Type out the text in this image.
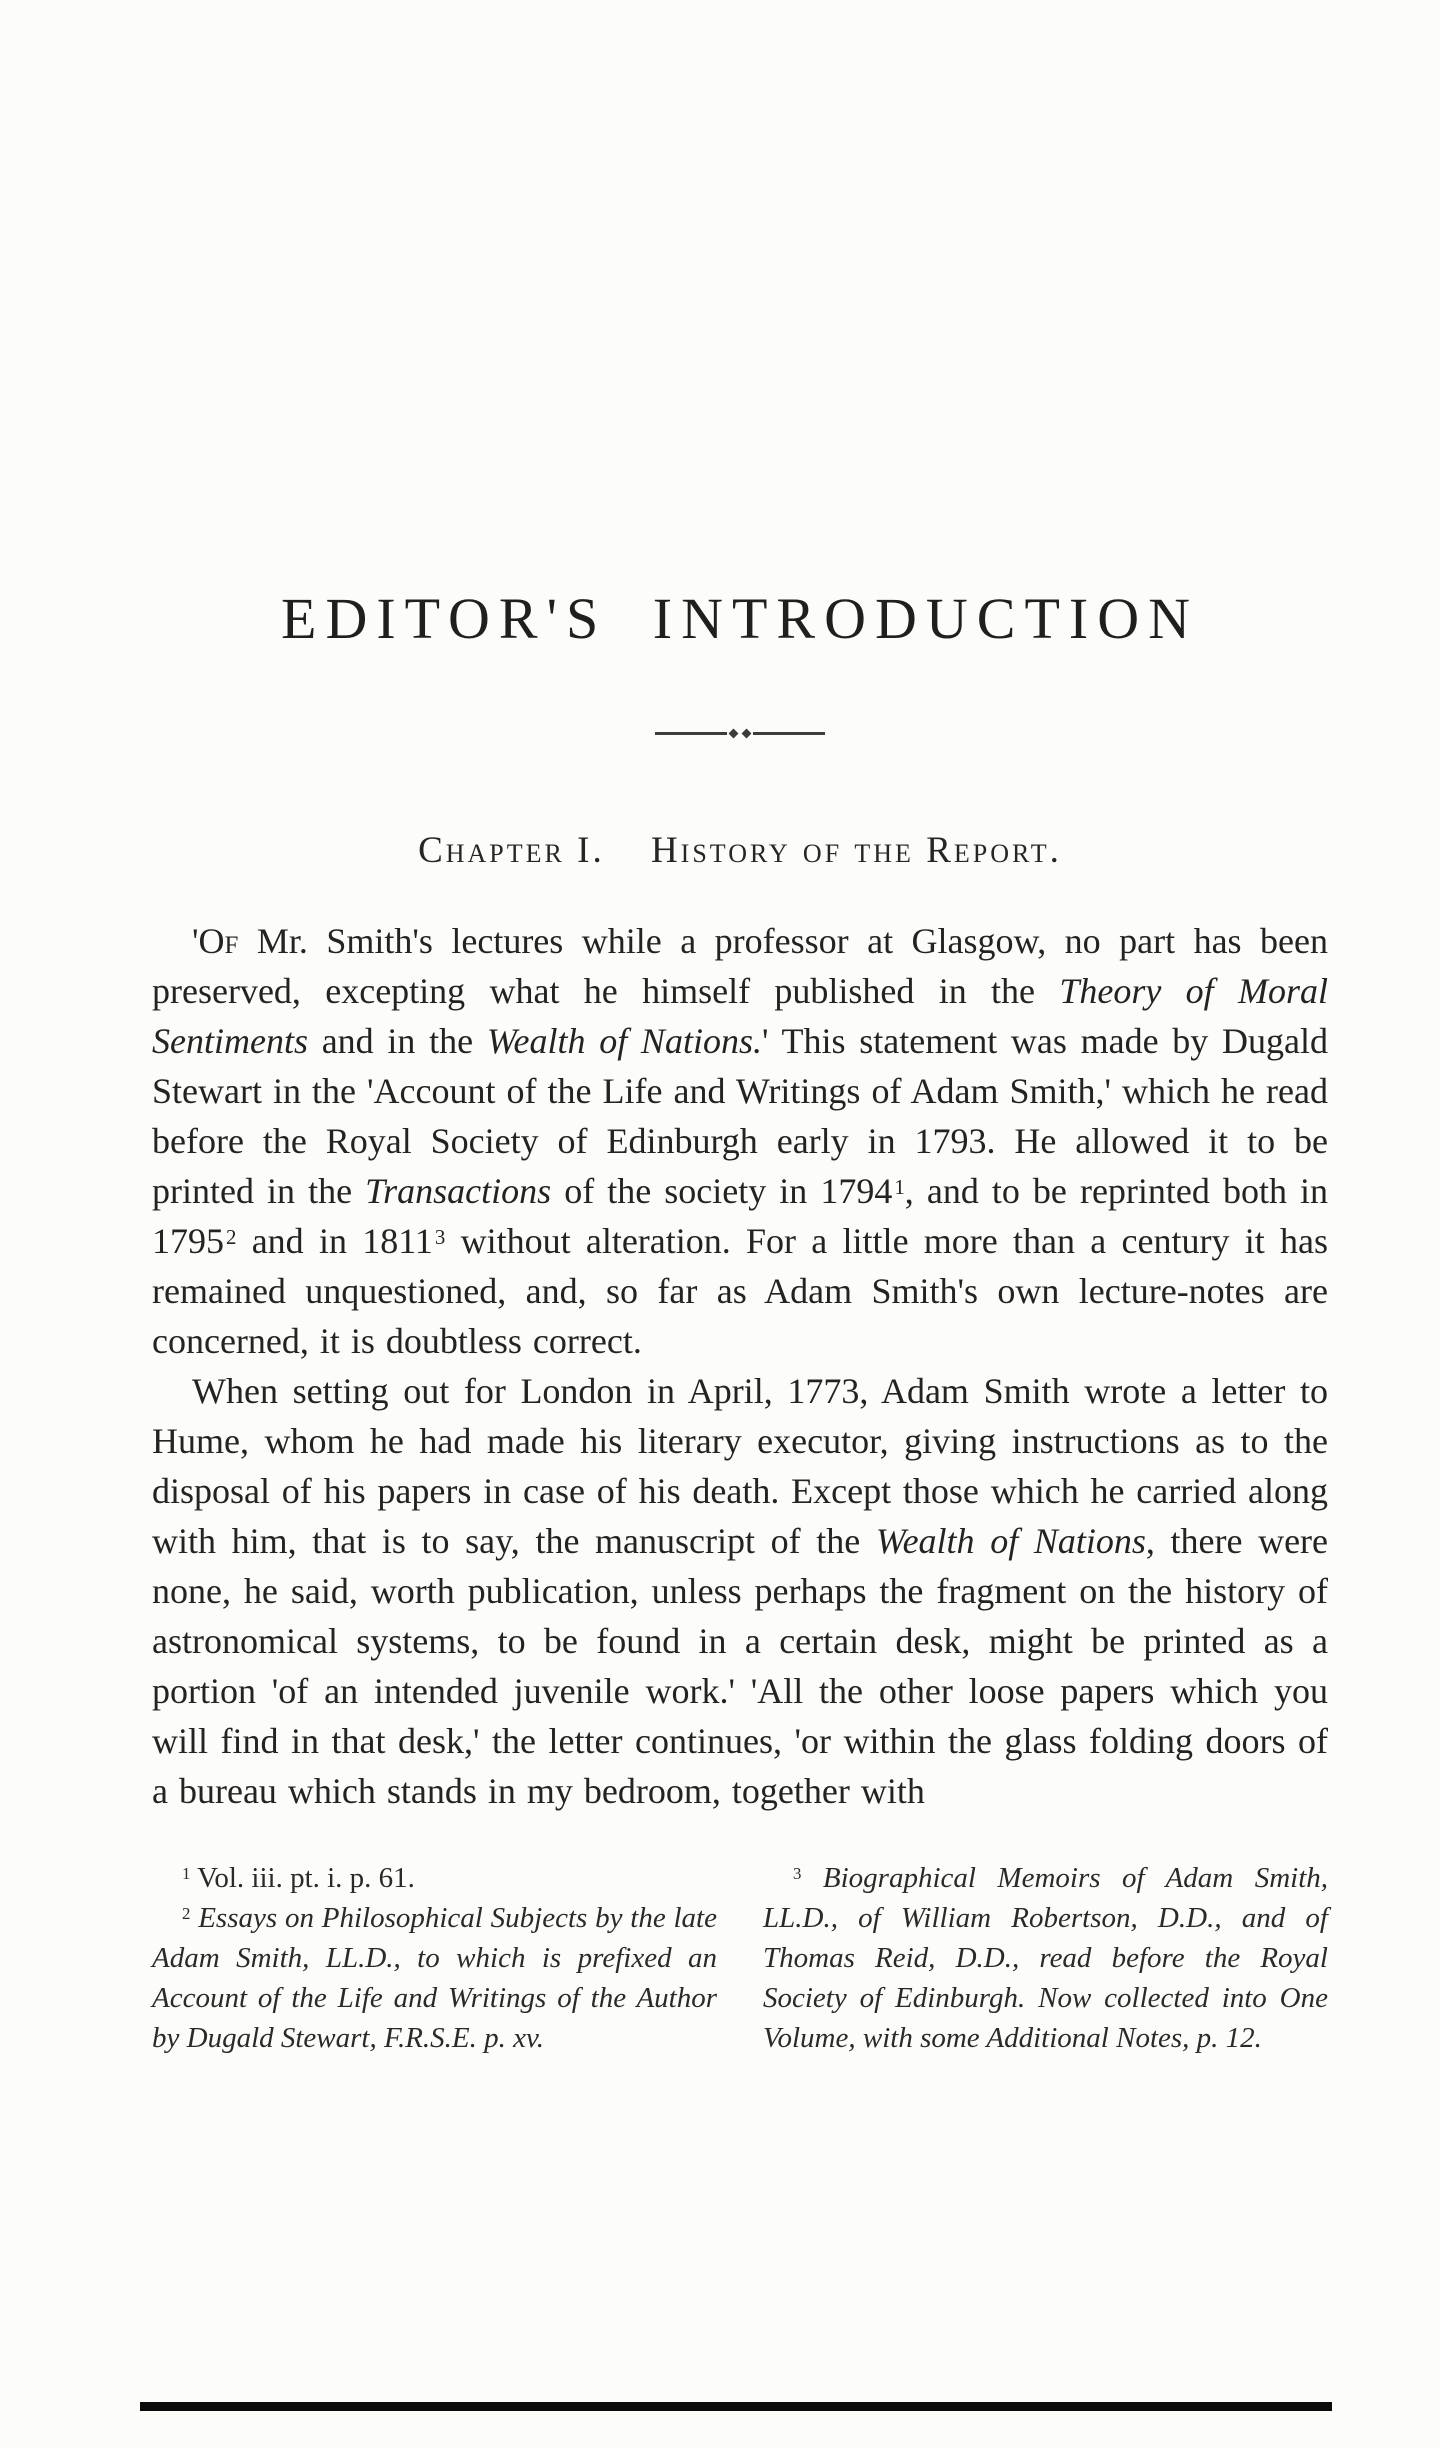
EDITOR'S INTRODUCTION
Chapter I. History of the Report.

'Of Mr. Smith's lectures while a professor at Glasgow, no part has been preserved, excepting what he himself published in the Theory of Moral Sentiments and in the Wealth of Nations.' This statement was made by Dugald Stewart in the 'Account of the Life and Writings of Adam Smith,' which he read before the Royal Society of Edinburgh early in 1793. He allowed it to be printed in the Transactions of the society in 1794$^1$, and to be reprinted both in 1795$^2$ and in 1811$^3$ without alteration. For a little more than a century it has remained unquestioned, and, so far as Adam Smith's own lecture-notes are concerned, it is doubtless correct.

When setting out for London in April, 1773, Adam Smith wrote a letter to Hume, whom he had made his literary executor, giving instructions as to the disposal of his papers in case of his death. Except those which he carried along with him, that is to say, the manuscript of the Wealth of Nations, there were none, he said, worth publication, unless perhaps the fragment on the history of astronomical systems, to be found in a certain desk, might be printed as a portion 'of an intended juvenile work.' 'All the other loose papers which you will find in that desk,' the letter continues, 'or within the glass folding doors of a bureau which stands in my bedroom, together with

$^1$ Vol. iii. pt. i. p. 61.

$^2$ Essays on Philosophical Subjects by the late Adam Smith, LL.D., to which is prefixed an Account of the Life and Writings of the Author by Dugald Stewart, F.R.S.E. p. xv.

$^3$ Biographical Memoirs of Adam Smith, LL.D., of William Robertson, D.D., and of Thomas Reid, D.D., read before the Royal Society of Edinburgh. Now collected into One Volume, with some Additional Notes, p. 12.
